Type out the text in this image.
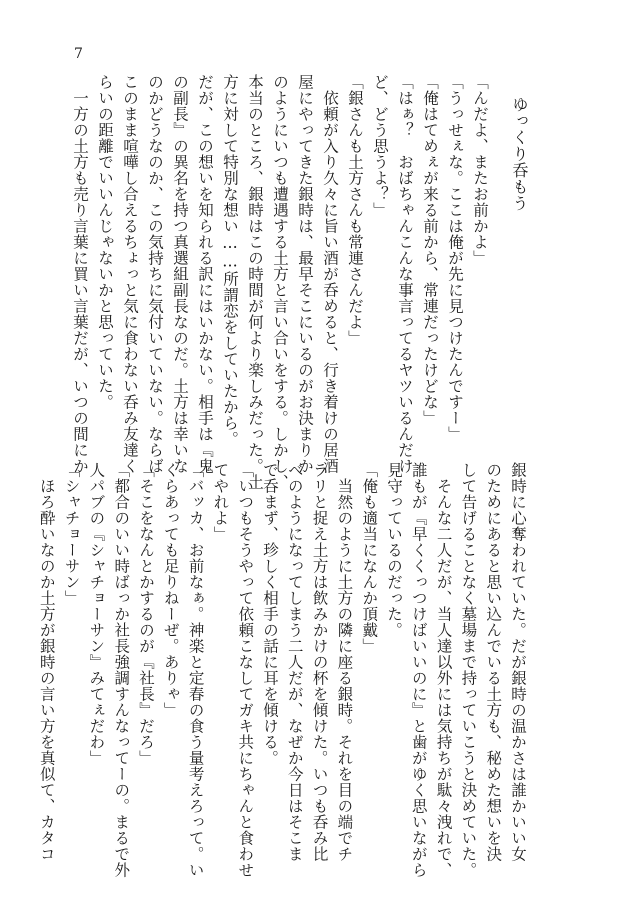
7
ゆっくり呑もう
「んだよ、またお前かよ」
「うっせぇな。ここは俺が先に見つけたんですー」
「俺はてめぇが来る前から、常連だったけどな」
「はぁ？　おばちゃんこんな事言ってるヤツいるんだけ
ど、どう思うよ？」
「銀さんも土方さんも常連さんだよ」
　依頼が入り久々に旨い酒が呑めると、行き着けの居酒
屋にやってきた銀時は、最早そこにいるのがお決まりか
のようにいつも遭遇する土方と言い合いをする。しかし、
本当のところ、銀時はこの時間が何より楽しみだった。土
方に対して特別な想い……所謂恋をしていたから。
だが、この想いを知られる訳にはいかない。相手は『鬼
の副長』の異名を持つ真選組副長なのだ。土方は幸いな
のかどうなのか、この気持ちに気付いていない。ならば
このまま喧嘩し合えるちょっと気に食わない呑み友達く
らいの距離でいいんじゃないかと思っていた。
　一方の土方も売り言葉に買い言葉だが、いつの間にか
銀時に心奪われていた。だが銀時の温かさは誰かいい女
のためにあると思い込んでいる土方も、秘めた想いを決
して告げることなく墓場まで持っていこうと決めていた。
　そんな二人だが、当人達以外には気持ちが駄々洩れで、
誰もが『早くくっつけばいいのに』と歯がゆく思いながら
見守っているのだった。
「俺も適当になんか頂戴」
　当然のように土方の隣に座る銀時。それを目の端でチ
ラリと捉え土方は飲みかけの杯を傾けた。いつも呑み比
べのようになってしまう二人だが、なぜか今日はそこま
で呑まず、珍しく相手の話に耳を傾ける。
「いつもそうやって依頼こなしてガキ共にちゃんと食わせ
てやれよ」
「バッカ、お前なぁ。神楽と定春の食う量考えろって。い
くらあっても足りねーぜ。ありゃ」
「そこをなんとかするのが『社長』だろ」
「都合のいい時ばっか社長強調すんなってーの。まるで外
人パブの『シャチョーサン』みてぇだわ」
「シャチョーサン」
　ほろ酔いなのか土方が銀時の言い方を真似て、カタコ
